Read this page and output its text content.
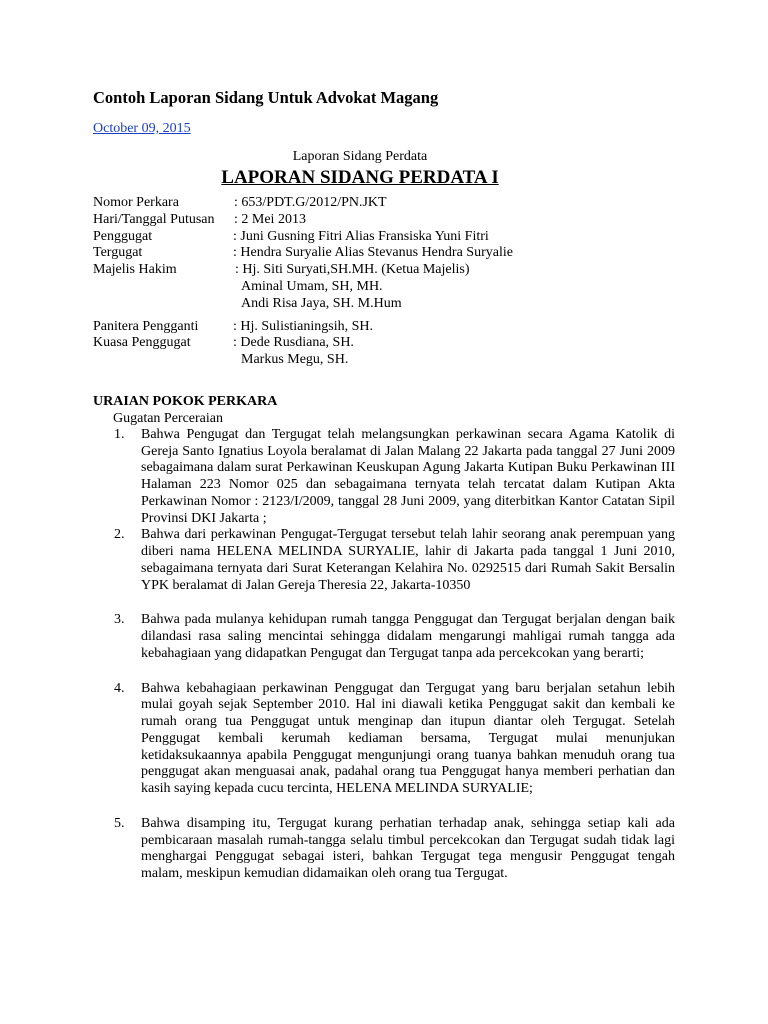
Contoh Laporan Sidang Untuk Advokat Magang
October 09, 2015
Laporan Sidang Perdata
LAPORAN SIDANG PERDATA I
Nomor Perkara	: 653/PDT.G/2012/PN.JKT
Hari/Tanggal Putusan	: 2 Mei 2013
Penggugat	: Juni Gusning Fitri Alias Fransiska Yuni Fitri
Tergugat	: Hendra Suryalie Alias Stevanus Hendra Suryalie
Majelis Hakim	: Hj. Siti Suryati,SH.MH. (Ketua Majelis)
Aminal Umam, SH, MH.
Andi Risa Jaya, SH. M.Hum
Panitera Pengganti	: Hj. Sulistianingsih, SH.
Kuasa Penggugat	: Dede Rusdiana, SH.
Markus Megu, SH.
URAIAN POKOK PERKARA
Gugatan Perceraian
1.	Bahwa Pengugat dan Tergugat telah melangsungkan perkawinan secara Agama Katolik di Gereja Santo Ignatius Loyola beralamat di Jalan Malang 22 Jakarta pada tanggal 27 Juni 2009 sebagaimana dalam surat Perkawinan Keuskupan Agung Jakarta Kutipan Buku Perkawinan III Halaman 223 Nomor 025 dan sebagaimana ternyata telah tercatat dalam Kutipan Akta Perkawinan Nomor : 2123/I/2009, tanggal 28 Juni 2009, yang diterbitkan Kantor Catatan Sipil Provinsi DKI Jakarta ;
2.	Bahwa dari perkawinan Pengugat-Tergugat tersebut telah lahir seorang anak perempuan yang diberi nama HELENA MELINDA SURYALIE, lahir di Jakarta pada tanggal 1 Juni 2010, sebagaimana ternyata dari Surat Keterangan Kelahira No. 0292515 dari Rumah Sakit Bersalin YPK beralamat di Jalan Gereja Theresia 22, Jakarta-10350
3.	Bahwa pada mulanya kehidupan rumah tangga Penggugat dan Tergugat berjalan dengan baik dilandasi rasa saling mencintai sehingga didalam mengarungi mahligai rumah tangga ada kebahagiaan yang didapatkan Pengugat dan Tergugat tanpa ada percekcokan yang berarti;
4.	Bahwa kebahagiaan perkawinan Penggugat dan Tergugat yang baru berjalan setahun lebih mulai goyah sejak September 2010. Hal ini diawali ketika Penggugat sakit dan kembali ke rumah orang tua Penggugat untuk menginap dan itupun diantar oleh Tergugat. Setelah Penggugat kembali kerumah kediaman bersama, Tergugat mulai menunjukan ketidaksukaannya apabila Penggugat mengunjungi orang tuanya bahkan menuduh orang tua penggugat akan menguasai anak, padahal orang tua Penggugat hanya memberi perhatian dan kasih saying kepada cucu tercinta, HELENA MELINDA SURYALIE;
5.	Bahwa disamping itu, Tergugat kurang perhatian terhadap anak, sehingga setiap kali ada pembicaraan masalah rumah-tangga selalu timbul percekcokan dan Tergugat sudah tidak lagi menghargai Penggugat sebagai isteri, bahkan Tergugat tega mengusir Penggugat tengah malam, meskipun kemudian didamaikan oleh orang tua Tergugat.
